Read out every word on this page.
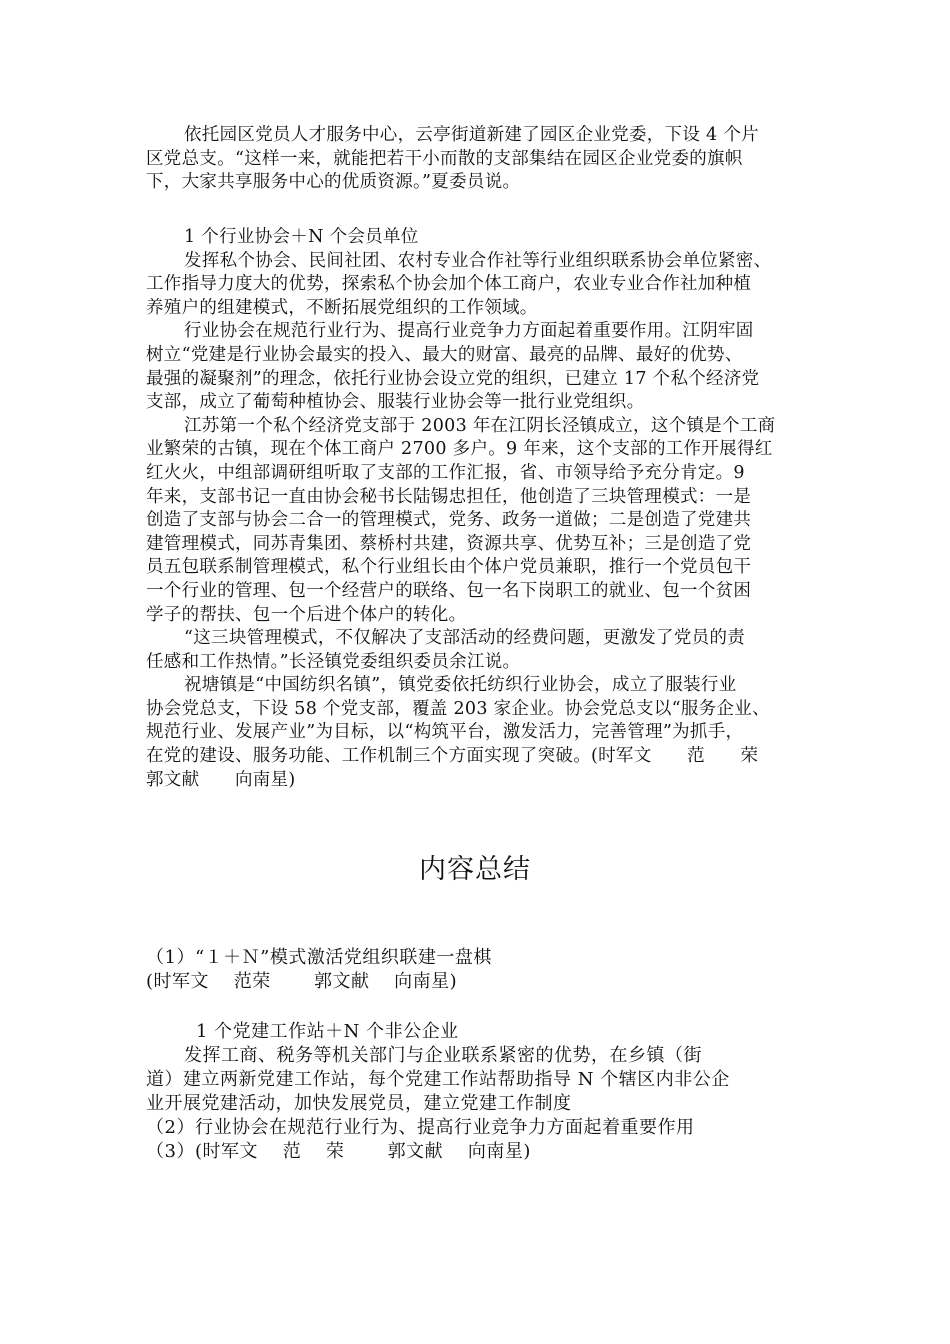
依托园区党员人才服务中心，云亭街道新建了园区企业党委，下设 4 个片
区党总支。“这样一来，就能把若干小而散的支部集结在园区企业党委的旗帜
下，大家共享服务中心的优质资源。”夏委员说。
1 个行业协会＋N 个会员单位
发挥私个协会、民间社团、农村专业合作社等行业组织联系协会单位紧密、
工作指导力度大的优势，探索私个协会加个体工商户，农业专业合作社加种植
养殖户的组建模式，不断拓展党组织的工作领域。
行业协会在规范行业行为、提高行业竞争力方面起着重要作用。江阴牢固
树立“党建是行业协会最实的投入、最大的财富、最亮的品牌、最好的优势、
最强的凝聚剂”的理念，依托行业协会设立党的组织，已建立 17 个私个经济党
支部，成立了葡萄种植协会、服装行业协会等一批行业党组织。
江苏第一个私个经济党支部于 2003 年在江阴长泾镇成立，这个镇是个工商
业繁荣的古镇，现在个体工商户 2700 多户。9 年来，这个支部的工作开展得红
红火火，中组部调研组听取了支部的工作汇报，省、市领导给予充分肯定。9
年来，支部书记一直由协会秘书长陆锡忠担任，他创造了三块管理模式：一是
创造了支部与协会二合一的管理模式，党务、政务一道做；二是创造了党建共
建管理模式，同苏青集团、蔡桥村共建，资源共享、优势互补；三是创造了党
员五包联系制管理模式，私个行业组长由个体户党员兼职，推行一个党员包干
一个行业的管理、包一个经营户的联络、包一名下岗职工的就业、包一个贫困
学子的帮扶、包一个后进个体户的转化。
“这三块管理模式，不仅解决了支部活动的经费问题，更激发了党员的责
任感和工作热情。”长泾镇党委组织委员余江说。
祝塘镇是“中国纺织名镇”，镇党委依托纺织行业协会，成立了服装行业
协会党总支，下设 58 个党支部，覆盖 203 家企业。协会党总支以“服务企业、
规范行业、发展产业”为目标，以“构筑平台，激发活力，完善管理”为抓手，
在党的建设、服务功能、工作机制三个方面实现了突破。(时军文　　范　　荣
郭文献　　向南星)
内容总结
（1）“１＋Ｎ”模式激活党组织联建一盘棋
(时军文　 范荣　　 郭文献　 向南星)
1 个党建工作站＋N 个非公企业
发挥工商、税务等机关部门与企业联系紧密的优势，在乡镇（街
道）建立两新党建工作站，每个党建工作站帮助指导 N 个辖区内非公企
业开展党建活动，加快发展党员，建立党建工作制度
（2）行业协会在规范行业行为、提高行业竞争力方面起着重要作用
（3）(时军文　 范　 荣　　 郭文献　 向南星)
